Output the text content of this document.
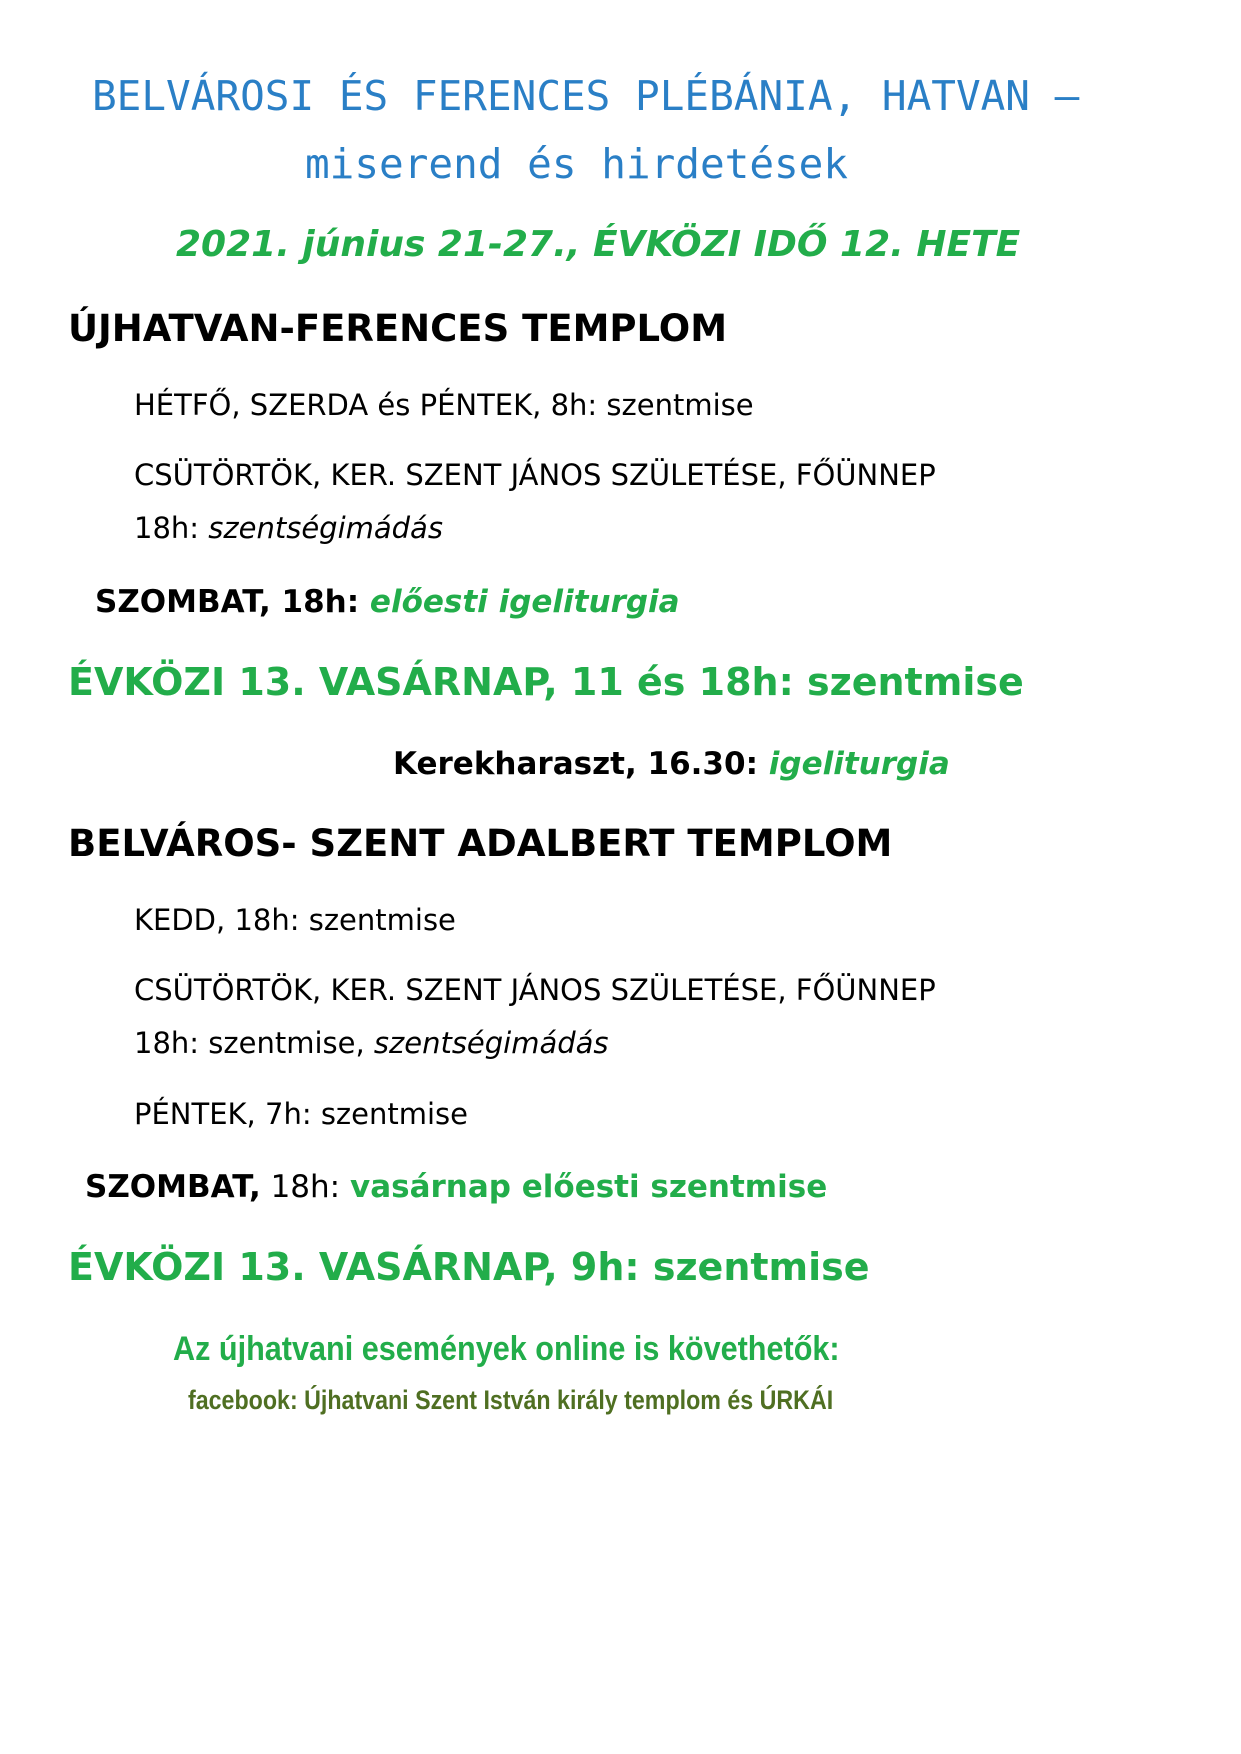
BELVÁROSI ÉS FERENCES PLÉBÁNIA, HATVAN –
miserend és hirdetések
2021. június 21-27., ÉVKÖZI IDŐ 12. HETE
ÚJHATVAN-FERENCES TEMPLOM
HÉTFŐ, SZERDA és PÉNTEK, 8h: szentmise
CSÜTÖRTÖK, KER. SZENT JÁNOS SZÜLETÉSE, FŐÜNNEP
18h: szentségimádás
SZOMBAT, 18h: előesti igeliturgia
ÉVKÖZI 13. VASÁRNAP, 11 és 18h: szentmise
Kerekharaszt, 16.30: igeliturgia
BELVÁROS- SZENT ADALBERT TEMPLOM
KEDD, 18h: szentmise
CSÜTÖRTÖK, KER. SZENT JÁNOS SZÜLETÉSE, FŐÜNNEP
18h: szentmise, szentségimádás
PÉNTEK, 7h: szentmise
SZOMBAT, 18h: vasárnap előesti szentmise
ÉVKÖZI 13. VASÁRNAP, 9h: szentmise
Az újhatvani események online is követhetők:
facebook: Újhatvani Szent István király templom és ÚRKÁI
